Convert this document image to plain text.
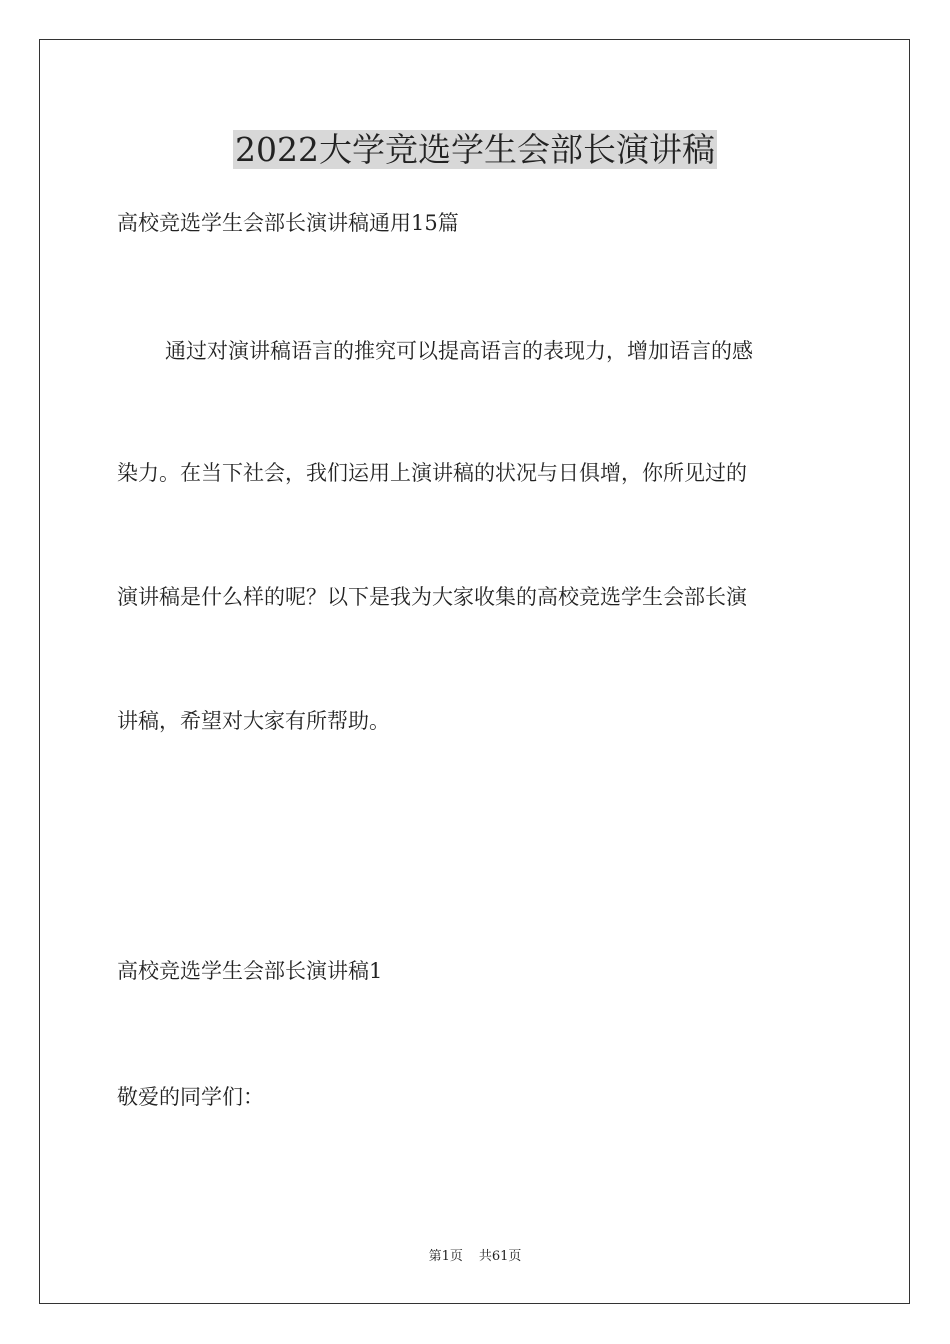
2022大学竞选学生会部长演讲稿
高校竞选学生会部长演讲稿通用15篇
通过对演讲稿语言的推究可以提高语言的表现力，增加语言的感
染力。在当下社会，我们运用上演讲稿的状况与日俱增，你所见过的
演讲稿是什么样的呢？以下是我为大家收集的高校竞选学生会部长演
讲稿，希望对大家有所帮助。
高校竞选学生会部长演讲稿1
敬爱的同学们：
第1页 共61页
